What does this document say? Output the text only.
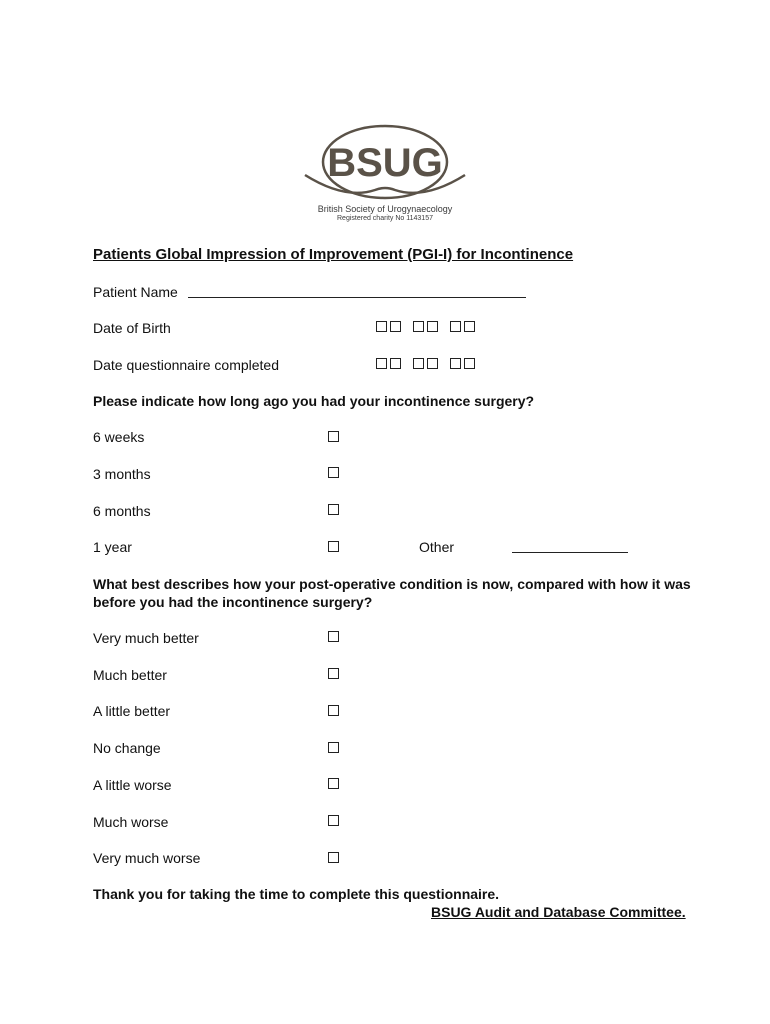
BSUG
British Society of Urogynaecology
Registered charity No 1143157
Patients Global Impression of Improvement (PGI-I) for Incontinence
Patient Name
Date of Birth
Date questionnaire completed
Please indicate how long ago you had your incontinence surgery?
6 weeks
3 months
6 months
1 year	Other
What best describes how your post-operative condition is now, compared with how it was
before you had the incontinence surgery?
Very much better
Much better
A little better
No change
A little worse
Much worse
Very much worse
Thank you for taking the time to complete this questionnaire.
BSUG Audit and Database Committee.
